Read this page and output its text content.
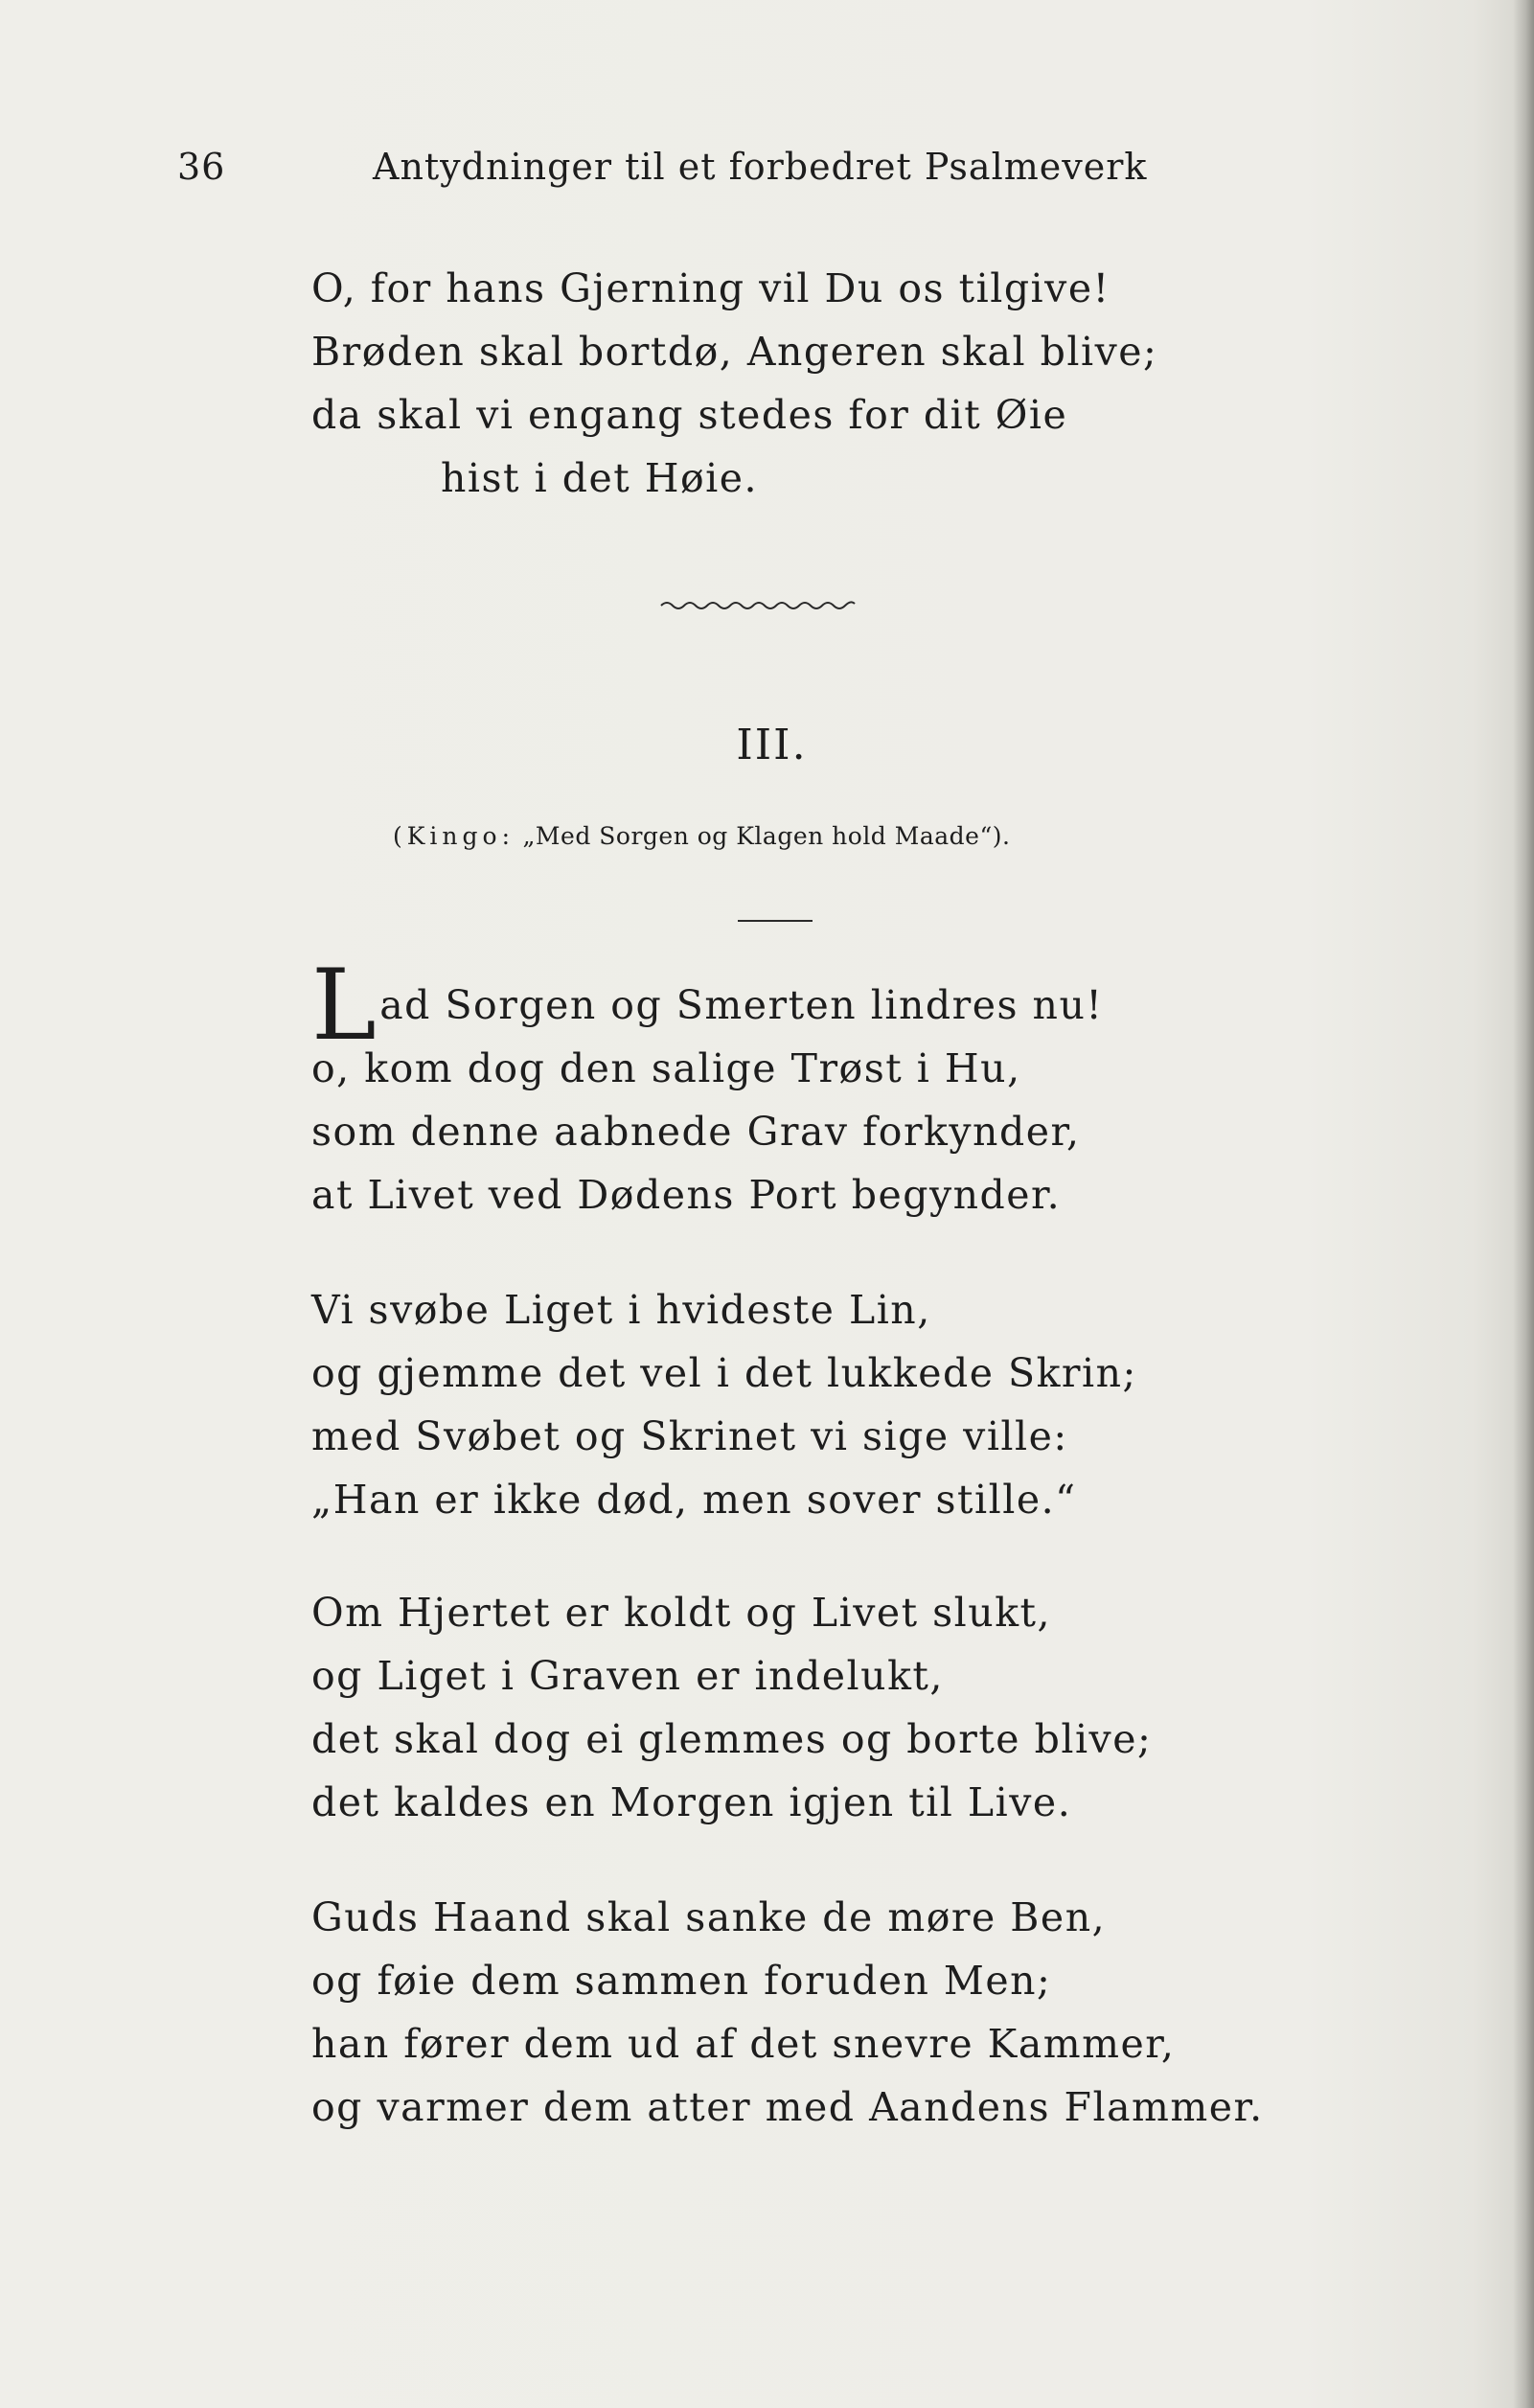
36	Antydninger til et forbedret Psalmeverk
O, for hans Gjerning vil Du os tilgive!
Brøden skal bortdø, Angeren skal blive;
da skal vi engang stedes for dit Øie
hist i det Høie.
III.
(Kingo: „Med Sorgen og Klagen hold Maade“).
Lad Sorgen og Smerten lindres nu!
o, kom dog den salige Trøst i Hu,
som denne aabnede Grav forkynder,
at Livet ved Dødens Port begynder.
Vi svøbe Liget i hvideste Lin,
og gjemme det vel i det lukkede Skrin;
med Svøbet og Skrinet vi sige ville:
„Han er ikke død, men sover stille.“
Om Hjertet er koldt og Livet slukt,
og Liget i Graven er indelukt,
det skal dog ei glemmes og borte blive;
det kaldes en Morgen igjen til Live.
Guds Haand skal sanke de møre Ben,
og føie dem sammen foruden Men;
han fører dem ud af det snevre Kammer,
og varmer dem atter med Aandens Flammer.
